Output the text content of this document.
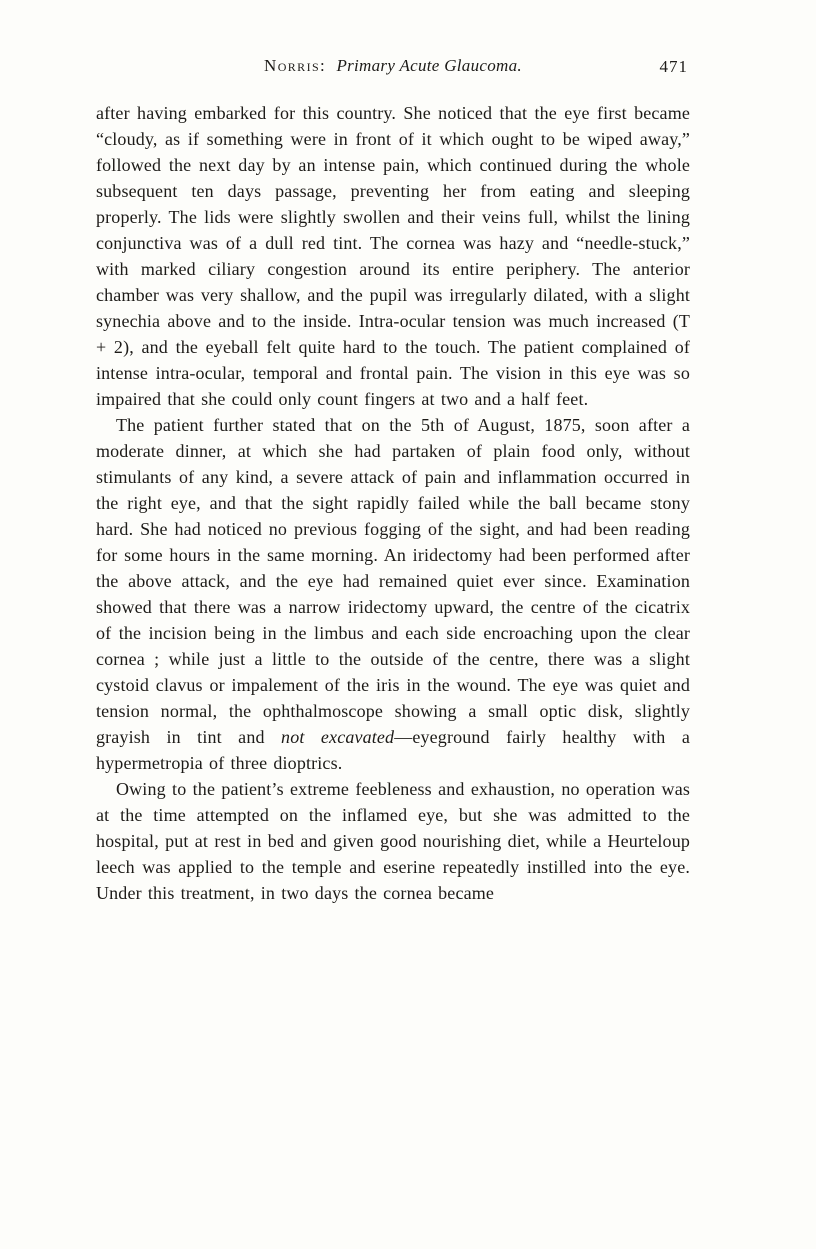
Norris: Primary Acute Glaucoma.	471

after having embarked for this country. She noticed that the eye first became “cloudy, as if something were in front of it which ought to be wiped away,” followed the next day by an intense pain, which continued during the whole subsequent ten days passage, preventing her from eating and sleeping properly. The lids were slightly swollen and their veins full, whilst the lining conjunctiva was of a dull red tint. The cornea was hazy and “needle-stuck,” with marked ciliary congestion around its entire periphery. The anterior chamber was very shallow, and the pupil was irregularly dilated, with a slight synechia above and to the inside. Intra-ocular tension was much increased (T + 2), and the eyeball felt quite hard to the touch. The patient complained of intense intra-ocular, temporal and frontal pain. The vision in this eye was so impaired that she could only count fingers at two and a half feet.

The patient further stated that on the 5th of August, 1875, soon after a moderate dinner, at which she had partaken of plain food only, without stimulants of any kind, a severe attack of pain and inflammation occurred in the right eye, and that the sight rapidly failed while the ball became stony hard. She had noticed no previous fogging of the sight, and had been reading for some hours in the same morning. An iridectomy had been performed after the above attack, and the eye had remained quiet ever since. Examination showed that there was a narrow iridectomy upward, the centre of the cicatrix of the incision being in the limbus and each side encroaching upon the clear cornea ; while just a little to the outside of the centre, there was a slight cystoid clavus or impalement of the iris in the wound. The eye was quiet and tension normal, the ophthalmoscope showing a small optic disk, slightly grayish in tint and not excavated—eyeground fairly healthy with a hypermetropia of three dioptrics.

Owing to the patient’s extreme feebleness and exhaustion, no operation was at the time attempted on the inflamed eye, but she was admitted to the hospital, put at rest in bed and given good nourishing diet, while a Heurteloup leech was applied to the temple and eserine repeatedly instilled into the eye. Under this treatment, in two days the cornea became
